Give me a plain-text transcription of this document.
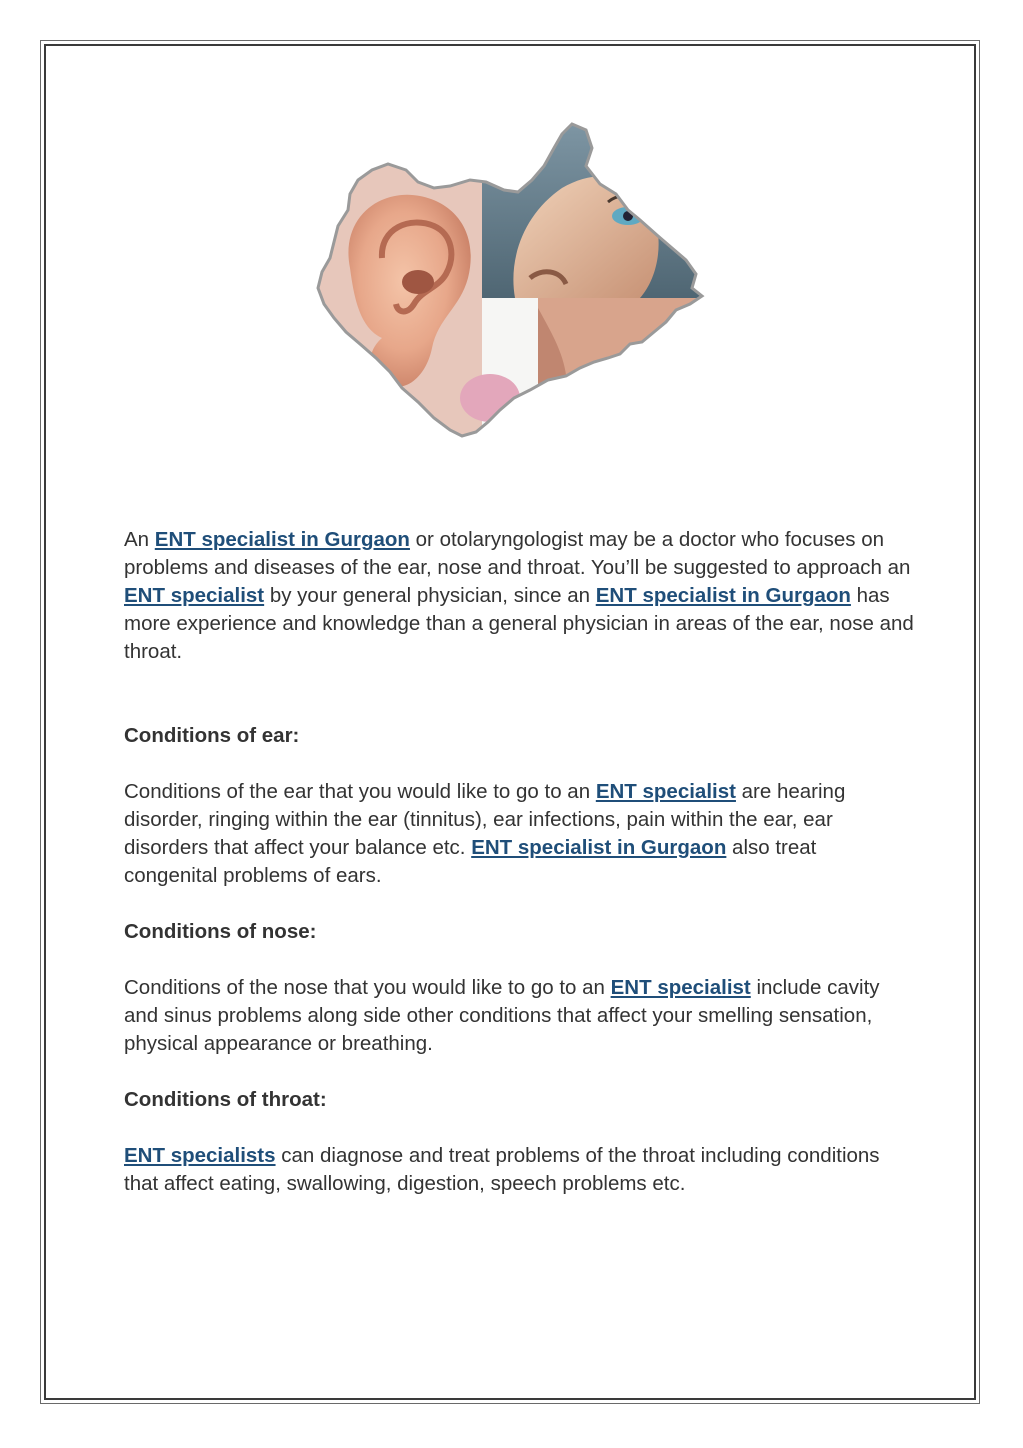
An ENT specialist in Gurgaon or otolaryngologist may be a doctor who focuses on problems and diseases of the ear, nose and throat. You’ll be suggested to approach an ENT specialist by your general physician, since an ENT specialist in Gurgaon has more experience and knowledge than a general physician in areas of the ear, nose and throat.

Conditions of ear:

Conditions of the ear that you would like to go to an ENT specialist are hearing disorder, ringing within the ear (tinnitus), ear infections, pain within the ear, ear disorders that affect your balance etc. ENT specialist in Gurgaon also treat congenital problems of ears.

Conditions of nose:

Conditions of the nose that you would like to go to an ENT specialist include cavity and sinus problems along side other conditions that affect your smelling sensation, physical appearance or breathing.

Conditions of throat:

ENT specialists can diagnose and treat problems of the throat including conditions that affect eating, swallowing, digestion, speech problems etc.
